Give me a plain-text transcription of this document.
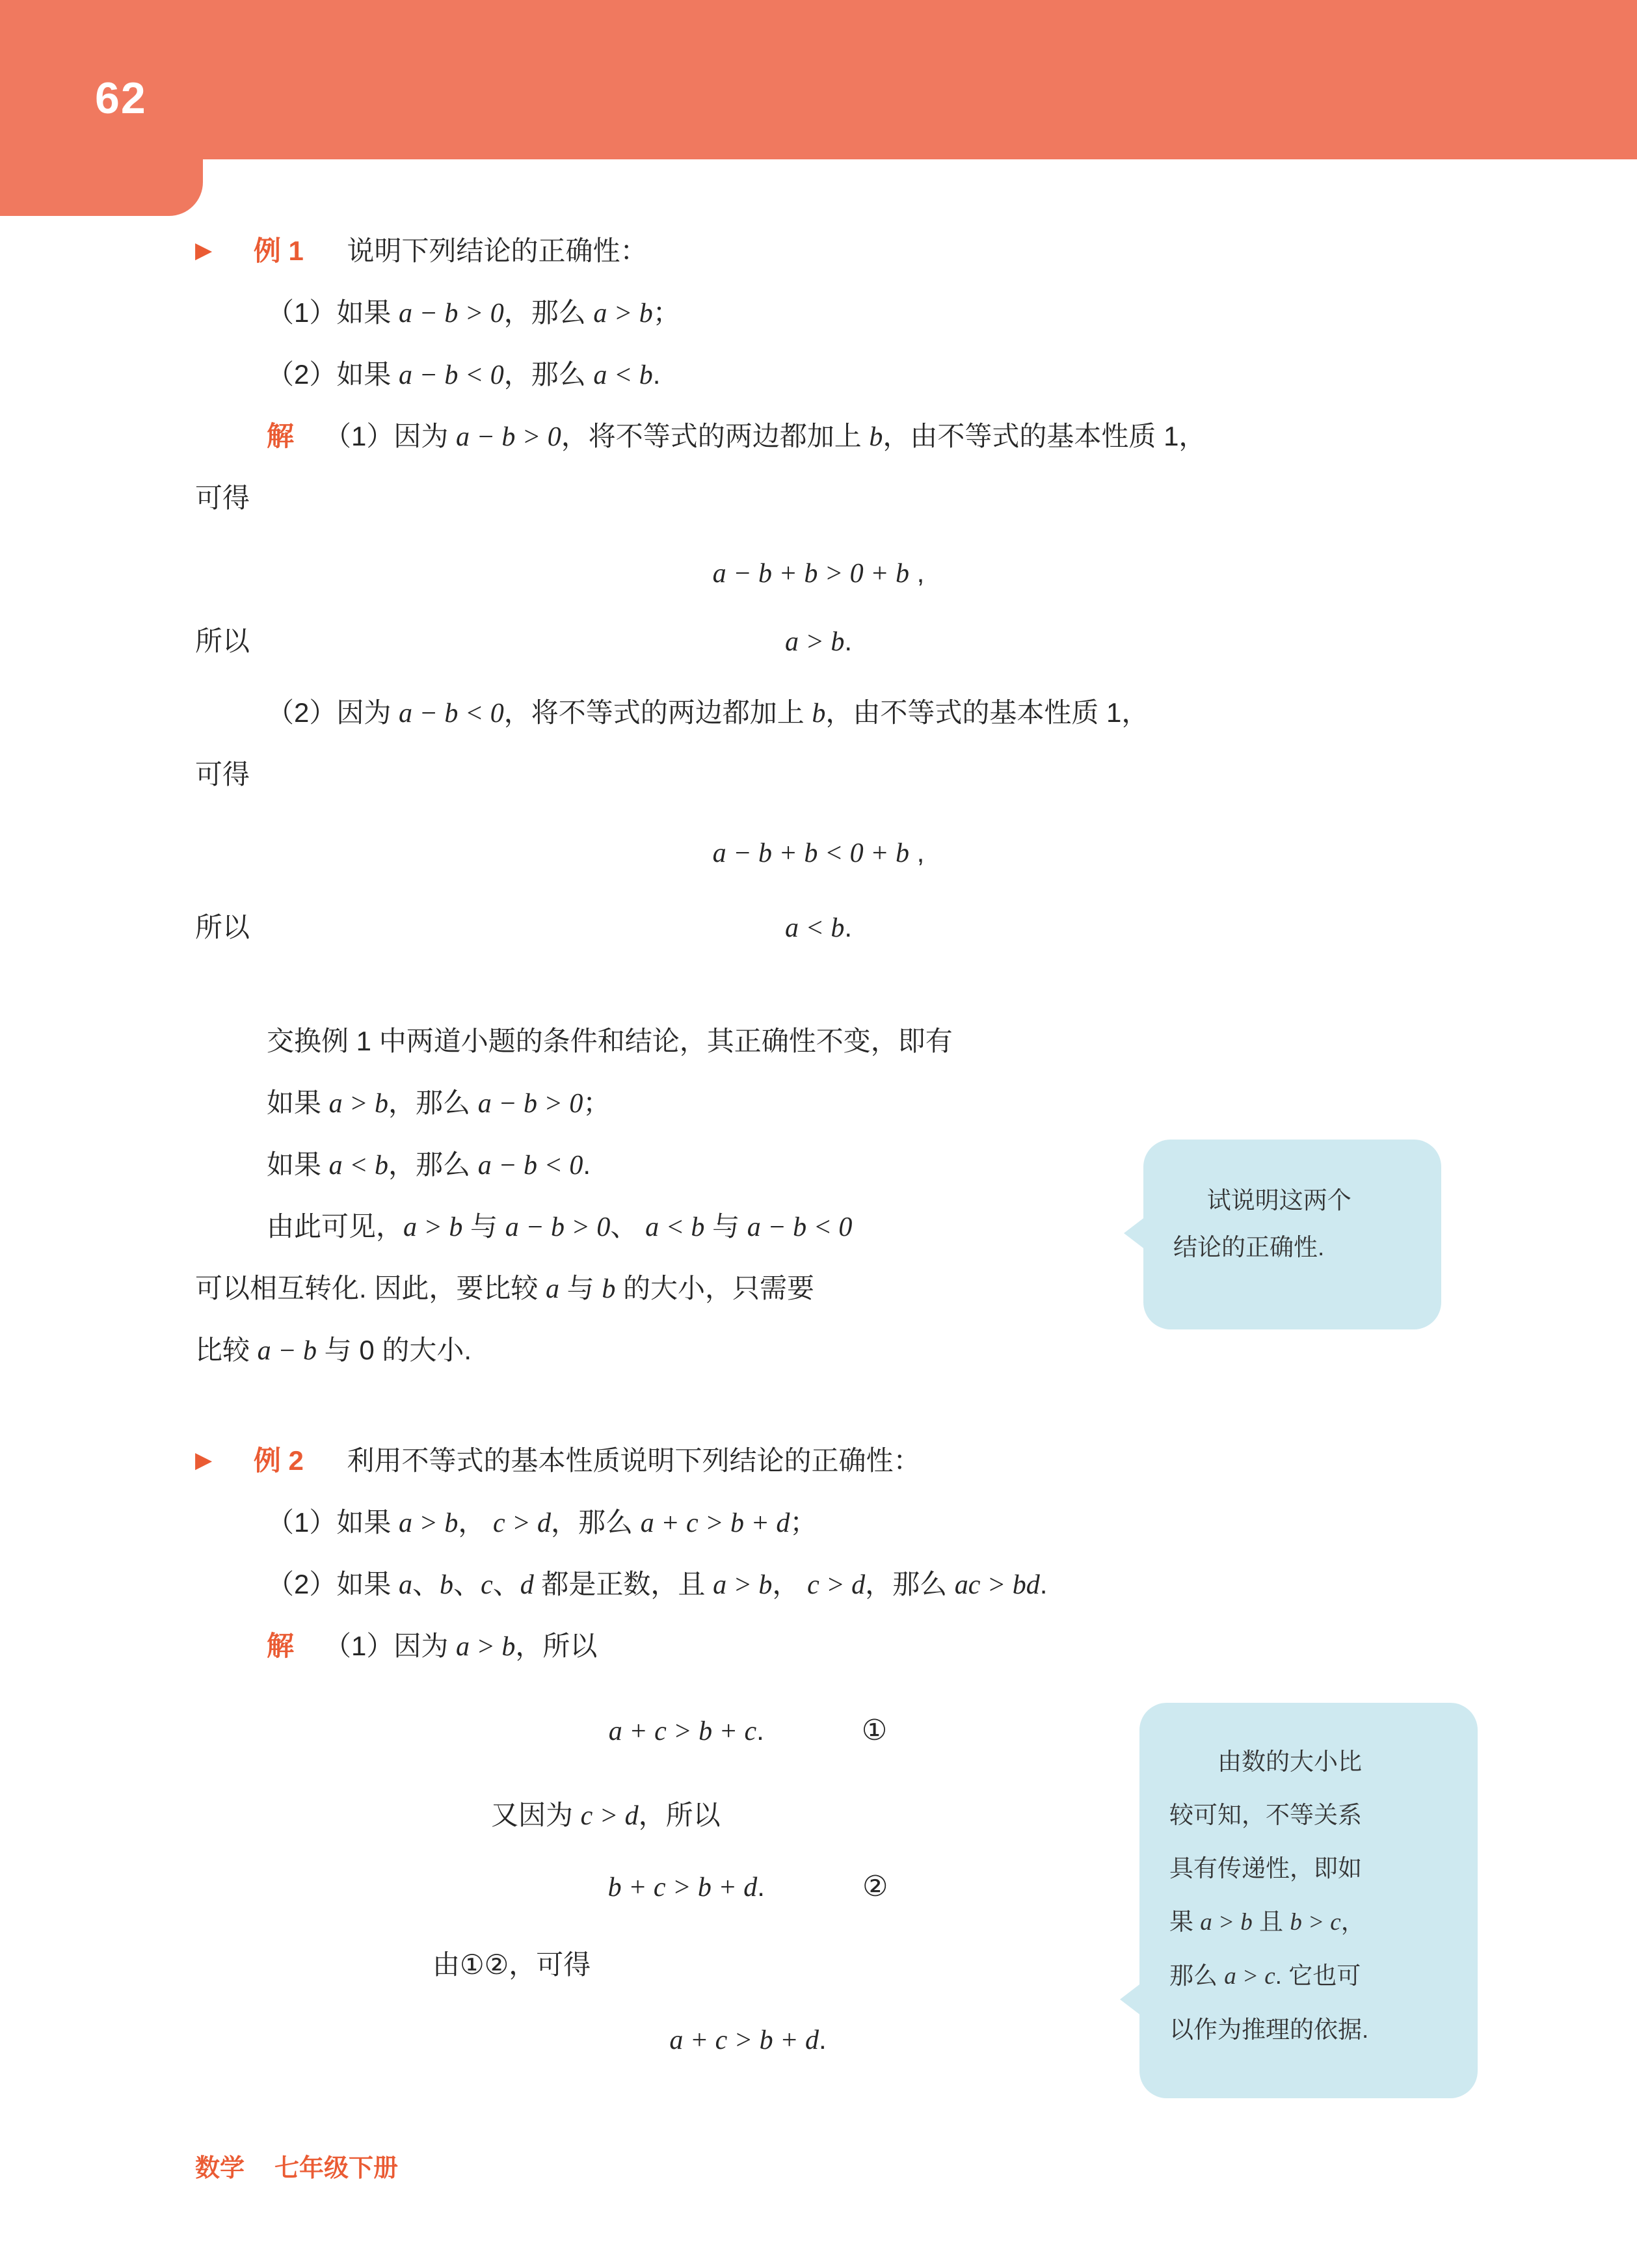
62
▶ 例 1 说明下列结论的正确性：
（1）如果 a − b > 0，那么 a > b；
（2）如果 a − b < 0，那么 a < b.
解 （1）因为 a − b > 0，将不等式的两边都加上 b，由不等式的基本性质 1，
可得
a − b + b > 0 + b ,
所以	a > b.
（2）因为 a − b < 0，将不等式的两边都加上 b，由不等式的基本性质 1，
可得
a − b + b < 0 + b ,
所以	a < b.
交换例 1 中两道小题的条件和结论，其正确性不变，即有
如果 a > b，那么 a − b > 0；
如果 a < b，那么 a − b < 0.
由此可见，a > b 与 a − b > 0、 a < b 与 a − b < 0
可以相互转化. 因此，要比较 a 与 b 的大小，只需要
比较 a − b 与 0 的大小.
▶ 例 2 利用不等式的基本性质说明下列结论的正确性：
（1）如果 a > b， c > d，那么 a + c > b + d；
（2）如果 a、b、c、d 都是正数，且 a > b， c > d，那么 ac > bd.
解 （1）因为 a > b，所以
a + c > b + c.	①
又因为 c > d，所以
b + c > b + d.	②
由①②，可得
a + c > b + d.
试说明这两个
结论的正确性.
由数的大小比
较可知，不等关系
具有传递性，即如
果 a > b 且 b > c，
那么 a > c. 它也可
以作为推理的依据.
数学 七年级下册
